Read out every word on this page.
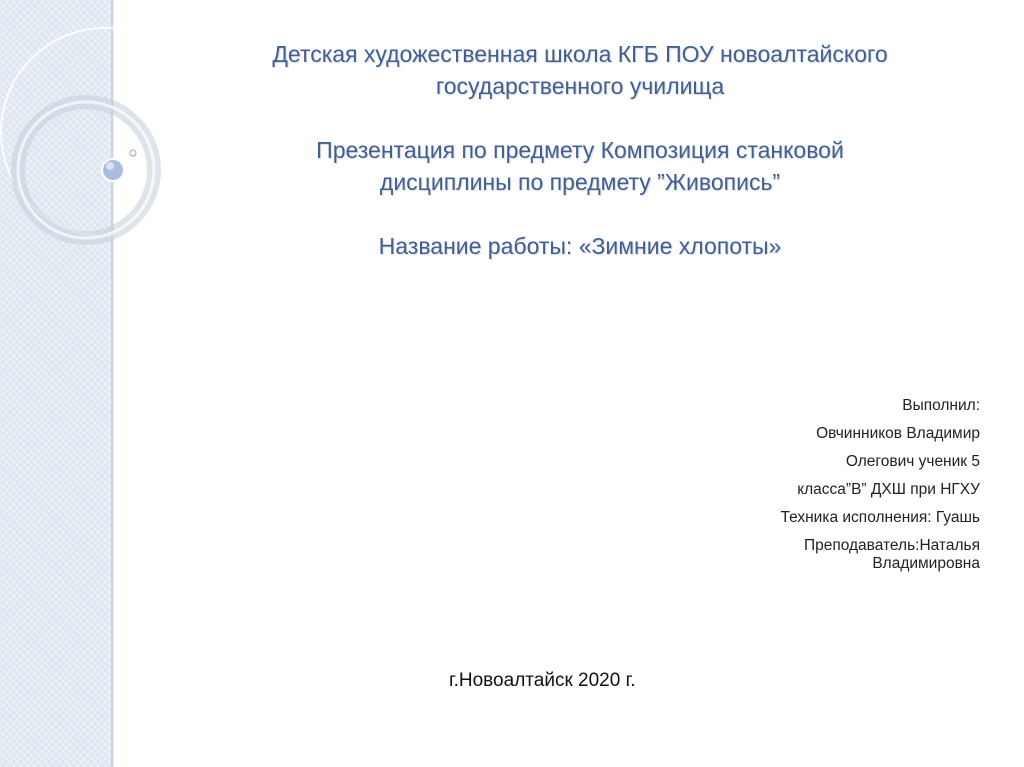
Детская художественная школа КГБ ПОУ новоалтайского
государственного училища
Презентация по предмету Композиция станковой
дисциплины по предмету ”Живопись”
Название работы: «Зимние хлопоты»
Выполнил:
Овчинников Владимир
Олегович ученик 5
класса”В” ДХШ при НГХУ
Техника исполнения: Гуашь
Преподаватель:Наталья
Владимировна
г.Новоалтайск 2020 г.
